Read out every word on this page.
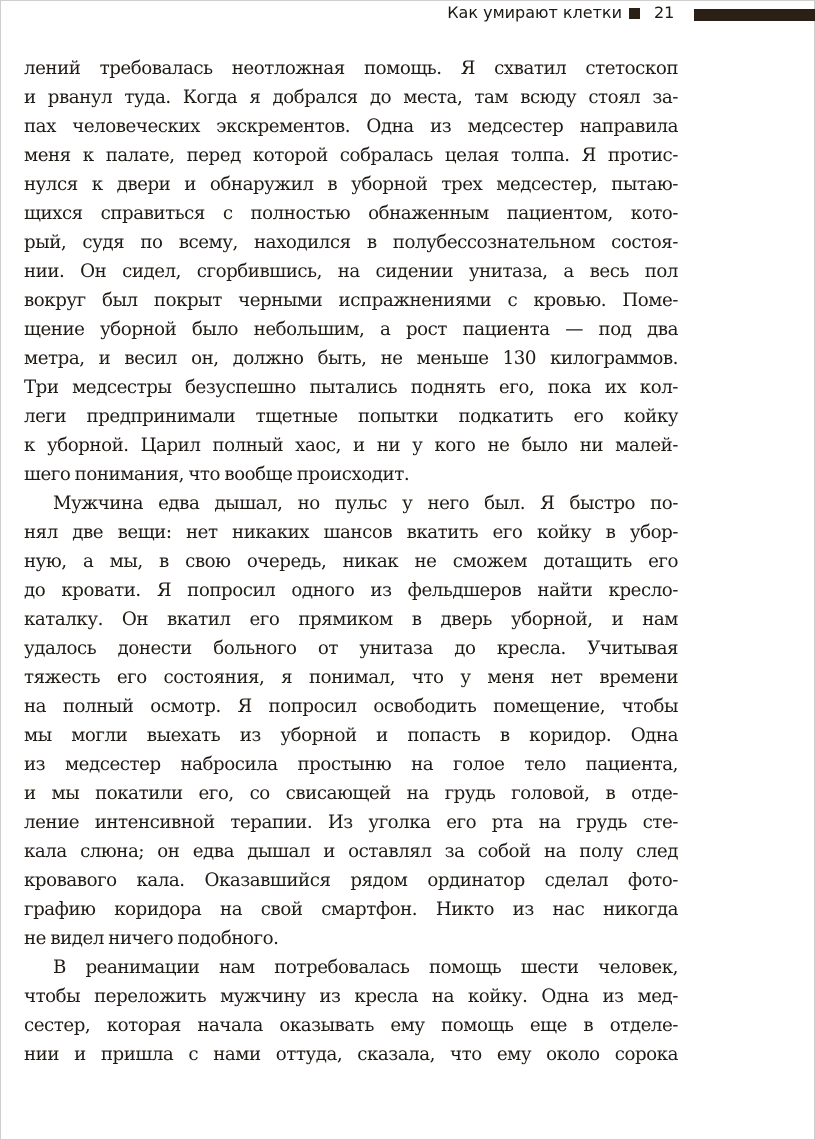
Как умирают клетки 21
лений требовалась неотложная помощь. Я схватил стетоскоп
и рванул туда. Когда я добрался до места, там всюду стоял за-
пах человеческих экскрементов. Одна из медсестер направила
меня к палате, перед которой собралась целая толпа. Я протис-
нулся к двери и обнаружил в уборной трех медсестер, пытаю-
щихся справиться с полностью обнаженным пациентом, кото-
рый, судя по всему, находился в полубессознательном состоя-
нии. Он сидел, сгорбившись, на сидении унитаза, а весь пол
вокруг был покрыт черными испражнениями с кровью. Поме-
щение уборной было небольшим, а рост пациента — под два
метра, и весил он, должно быть, не меньше 130 килограммов.
Три медсестры безуспешно пытались поднять его, пока их кол-
леги предпринимали тщетные попытки подкатить его койку
к уборной. Царил полный хаос, и ни у кого не было ни малей-
шего понимания, что вообще происходит.
Мужчина едва дышал, но пульс у него был. Я быстро по-
нял две вещи: нет никаких шансов вкатить его койку в убор-
ную, а мы, в свою очередь, никак не сможем дотащить его
до кровати. Я попросил одного из фельдшеров найти кресло-
каталку. Он вкатил его прямиком в дверь уборной, и нам
удалось донести больного от унитаза до кресла. Учитывая
тяжесть его состояния, я понимал, что у меня нет времени
на полный осмотр. Я попросил освободить помещение, чтобы
мы могли выехать из уборной и попасть в коридор. Одна
из медсестер набросила простыню на голое тело пациента,
и мы покатили его, со свисающей на грудь головой, в отде-
ление интенсивной терапии. Из уголка его рта на грудь сте-
кала слюна; он едва дышал и оставлял за собой на полу след
кровавого кала. Оказавшийся рядом ординатор сделал фото-
графию коридора на свой смартфон. Никто из нас никогда
не видел ничего подобного.
В реанимации нам потребовалась помощь шести человек,
чтобы переложить мужчину из кресла на койку. Одна из мед-
сестер, которая начала оказывать ему помощь еще в отделе-
нии и пришла с нами оттуда, сказала, что ему около сорока
